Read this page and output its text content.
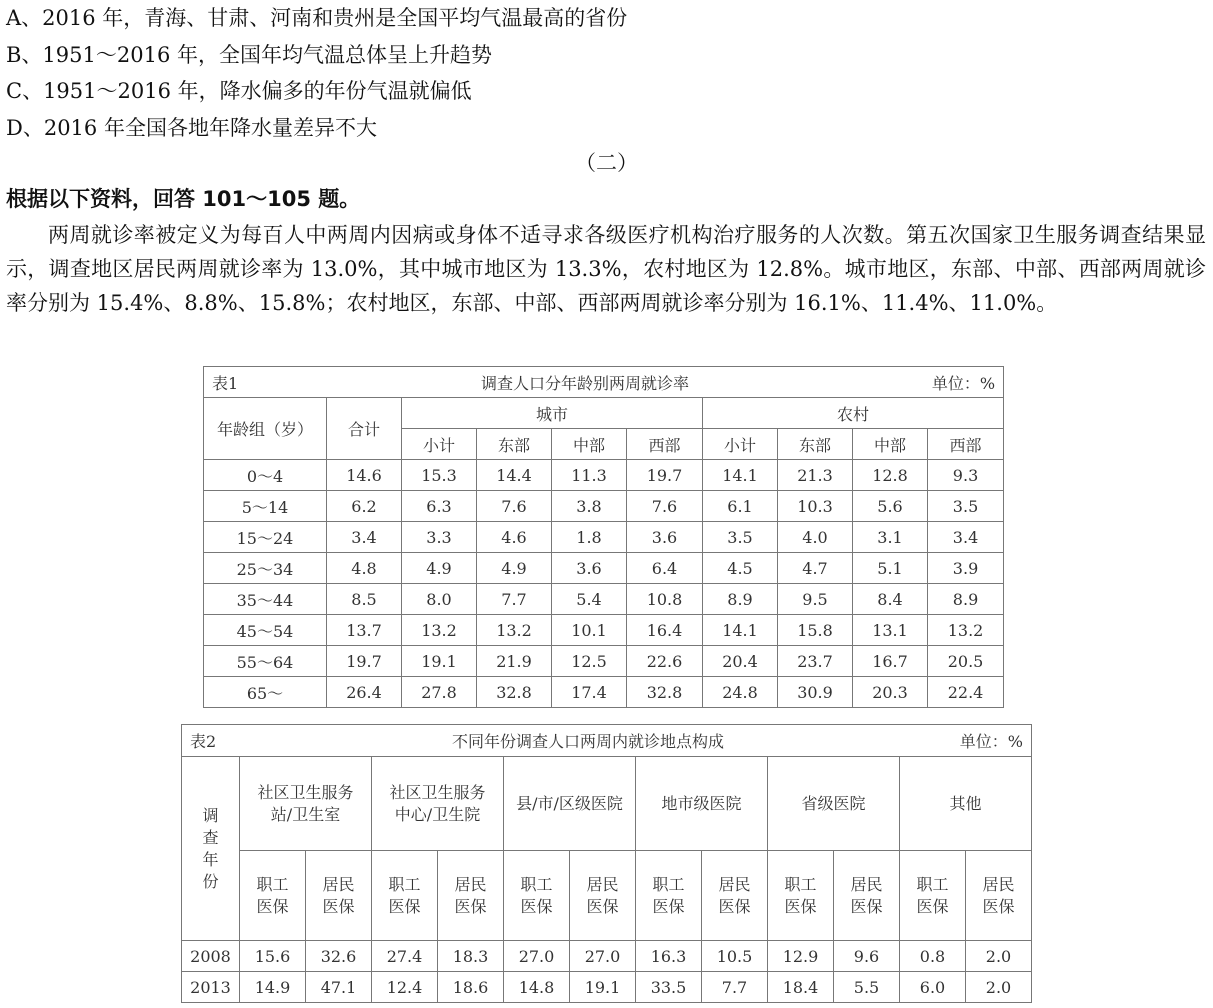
A、2016 年，青海、甘肃、河南和贵州是全国平均气温最高的省份
B、1951～2016 年，全国年均气温总体呈上升趋势
C、1951～2016 年，降水偏多的年份气温就偏低
D、2016 年全国各地年降水量差异不大
（二）
根据以下资料，回答 101～105 题。

两周就诊率被定义为每百人中两周内因病或身体不适寻求各级医疗机构治疗服务的人次数。第五次国家卫生服务调查结果显示，调查地区居民两周就诊率为 13.0%，其中城市地区为 13.3%，农村地区为 12.8%。城市地区，东部、中部、西部两周就诊率分别为 15.4%、8.8%、15.8%；农村地区，东部、中部、西部两周就诊率分别为 16.1%、11.4%、11.0%。

表1 调查人口分年龄别两周就诊率 单位：%									

年龄组（岁）	合计	城市				农村			
		小计	东部	中部	西部	小计	东部	中部	西部
0～4	14.6	15.3	14.4	11.3	19.7	14.1	21.3	12.8	9.3
5～14	6.2	6.3	7.6	3.8	7.6	6.1	10.3	5.6	3.5
15～24	3.4	3.3	4.6	1.8	3.6	3.5	4.0	3.1	3.4
25～34	4.8	4.9	4.9	3.6	6.4	4.5	4.7	5.1	3.9
35～44	8.5	8.0	7.7	5.4	10.8	8.9	9.5	8.4	8.9
45～54	13.7	13.2	13.2	10.1	16.4	14.1	15.8	13.1	13.2
55～64	19.7	19.1	21.9	12.5	22.6	20.4	23.7	16.7	20.5
65～	26.4	27.8	32.8	17.4	32.8	24.8	30.9	20.3	22.4
表2 不同年份调查人口两周内就诊地点构成 单位：%												

调查年份	社区卫生服务站/卫生室		社区卫生服务中心/卫生院		县/市/区级医院		地市级医院		省级医院		其他	
	职工医保	居民医保	职工医保	居民医保	职工医保	居民医保	职工医保	居民医保	职工医保	居民医保	职工医保	居民医保
2008	15.6	32.6	27.4	18.3	27.0	27.0	16.3	10.5	12.9	9.6	0.8	2.0
2013	14.9	47.1	12.4	18.6	14.8	19.1	33.5	7.7	18.4	5.5	6.0	2.0
